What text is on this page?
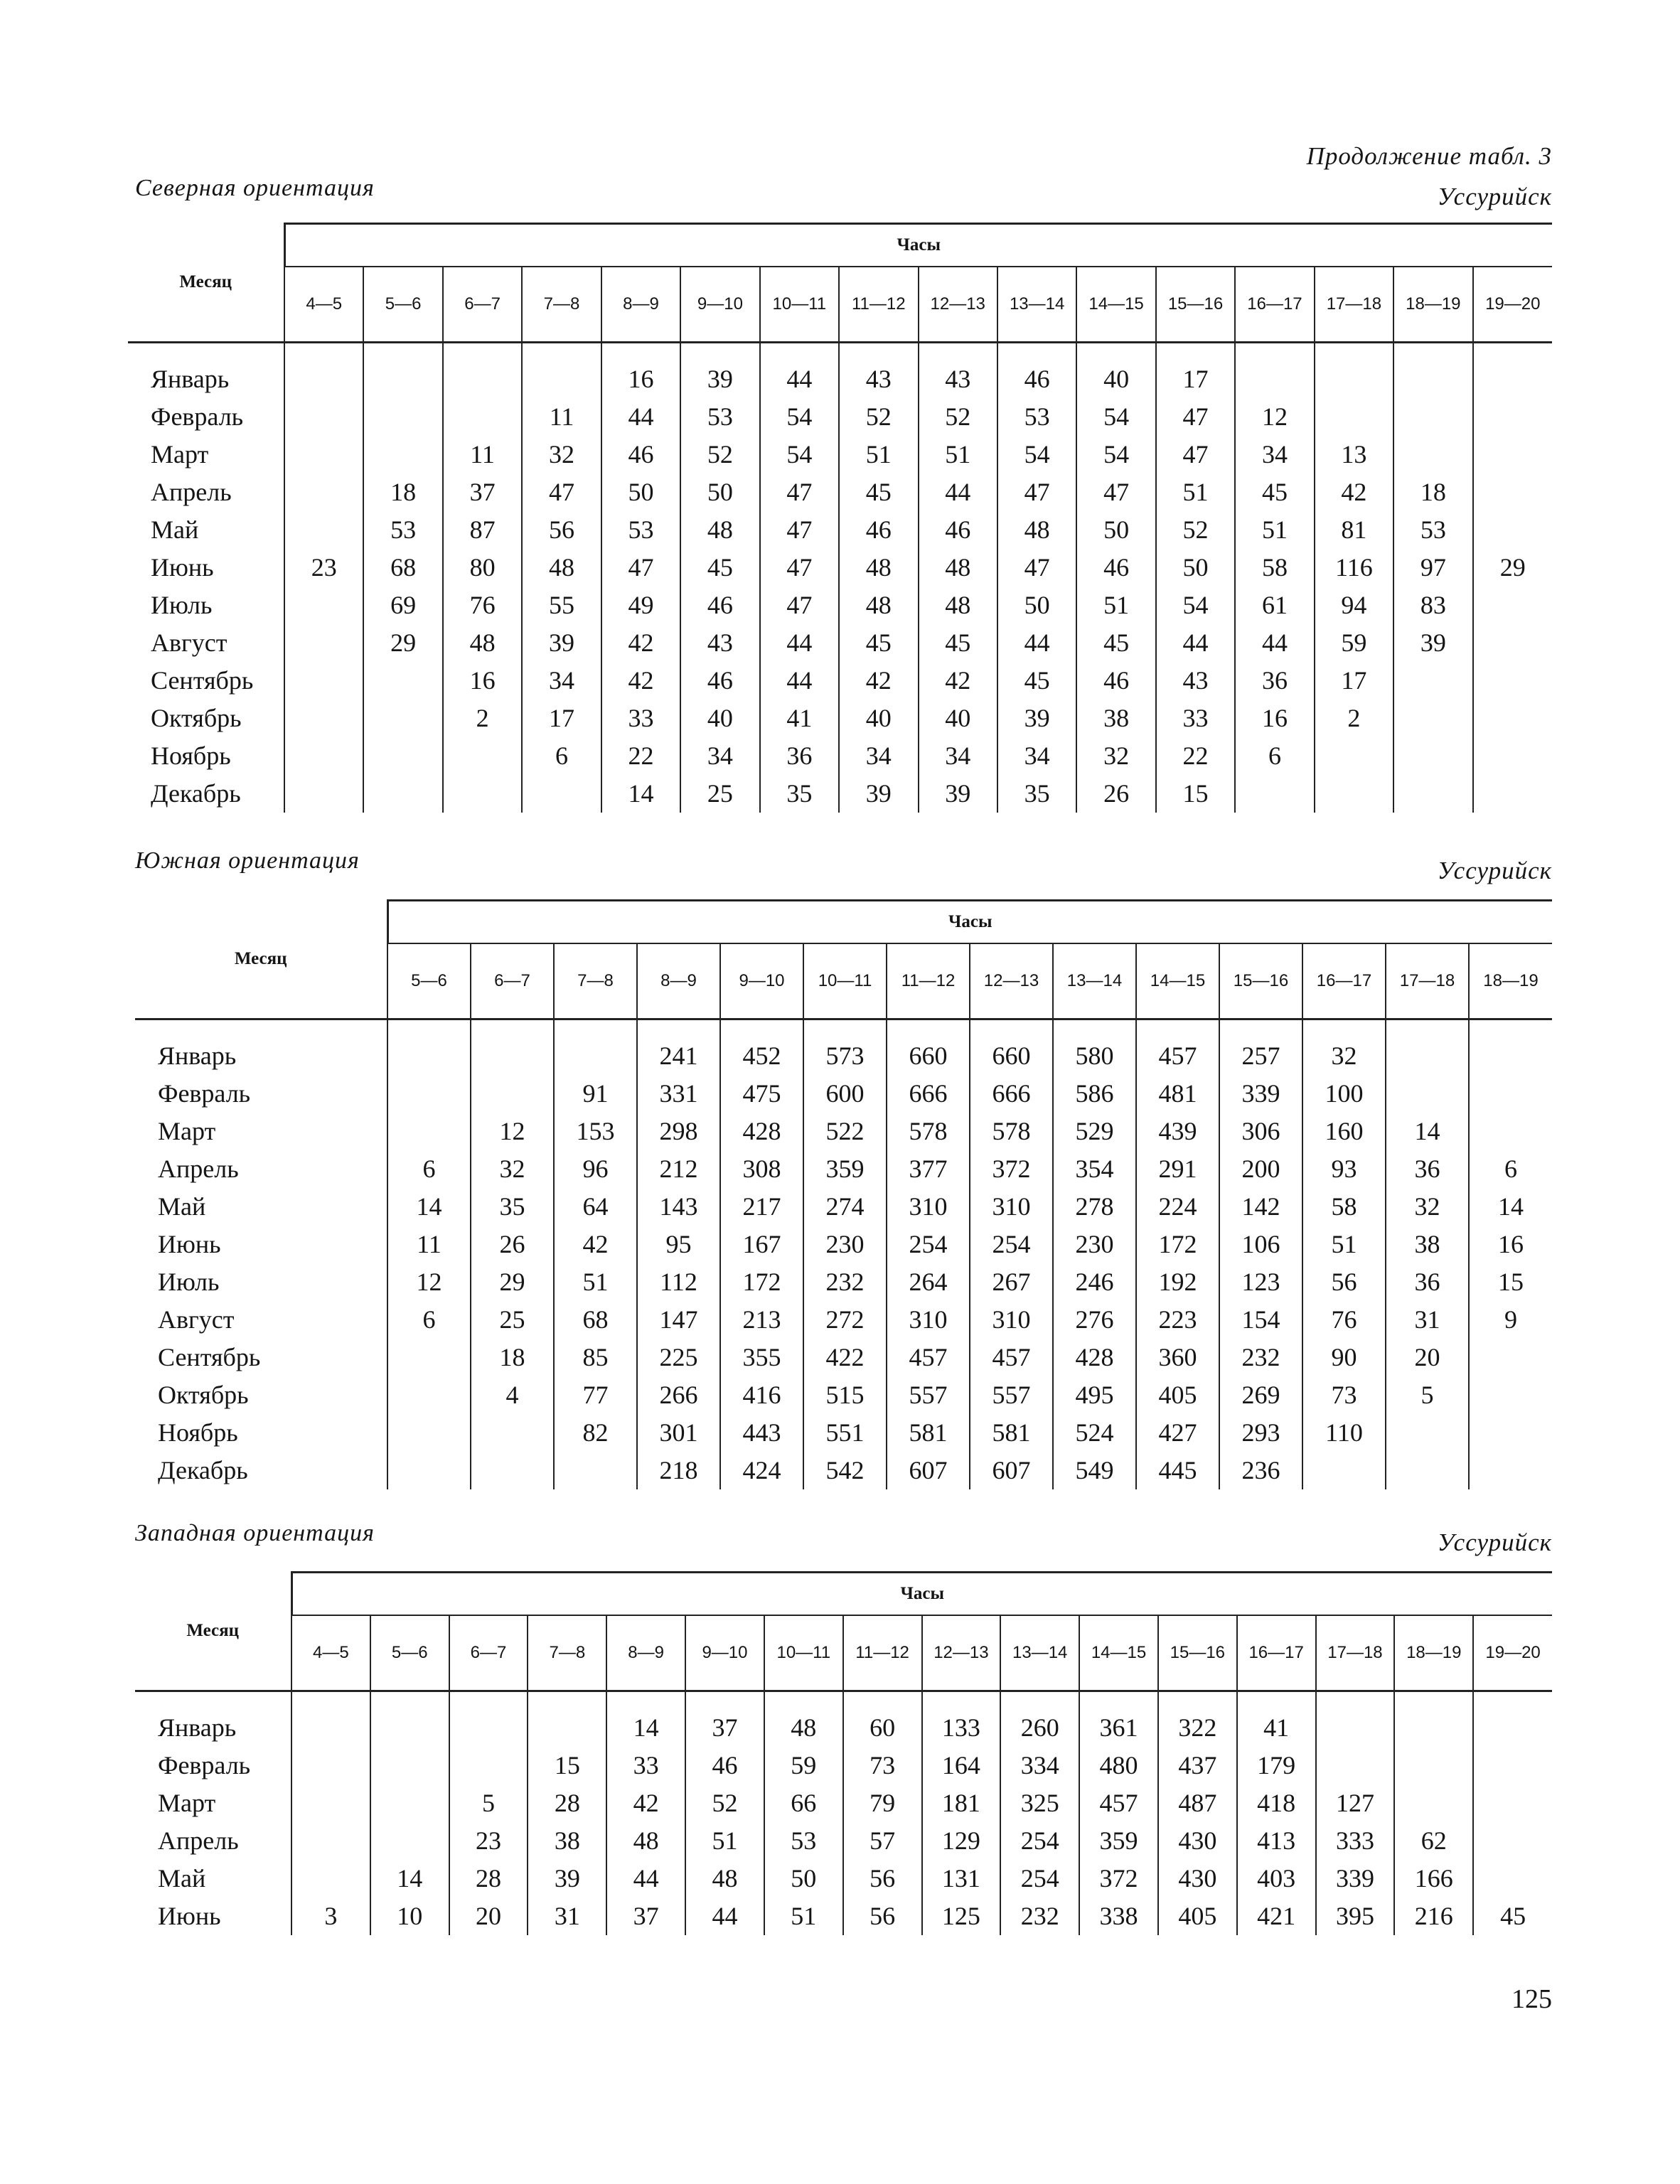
Продолжение табл. 3
Северная ориентация	Уссурийск
Месяц	Часы															
	4—5	5—6	6—7	7—8	8—9	9—10	10—11	11—12	12—13	13—14	14—15	15—16	16—17	17—18	18—19	19—20

Январь					16	39	44	43	43	46	40	17				
Февраль				11	44	53	54	52	52	53	54	47	12			
Март			11	32	46	52	54	51	51	54	54	47	34	13		
Апрель		18	37	47	50	50	47	45	44	47	47	51	45	42	18	
Май		53	87	56	53	48	47	46	46	48	50	52	51	81	53	
Июнь	23	68	80	48	47	45	47	48	48	47	46	50	58	116	97	29
Июль		69	76	55	49	46	47	48	48	50	51	54	61	94	83	
Август		29	48	39	42	43	44	45	45	44	45	44	44	59	39	
Сентябрь			16	34	42	46	44	42	42	45	46	43	36	17		
Октябрь			2	17	33	40	41	40	40	39	38	33	16	2		
Ноябрь				6	22	34	36	34	34	34	32	22	6			
Декабрь					14	25	35	39	39	35	26	15				
Южная ориентация	Уссурийск
Месяц	Часы													
	5—6	6—7	7—8	8—9	9—10	10—11	11—12	12—13	13—14	14—15	15—16	16—17	17—18	18—19

Январь				241	452	573	660	660	580	457	257	32		
Февраль			91	331	475	600	666	666	586	481	339	100		
Март		12	153	298	428	522	578	578	529	439	306	160	14	
Апрель	6	32	96	212	308	359	377	372	354	291	200	93	36	6
Май	14	35	64	143	217	274	310	310	278	224	142	58	32	14
Июнь	11	26	42	95	167	230	254	254	230	172	106	51	38	16
Июль	12	29	51	112	172	232	264	267	246	192	123	56	36	15
Август	6	25	68	147	213	272	310	310	276	223	154	76	31	9
Сентябрь		18	85	225	355	422	457	457	428	360	232	90	20	
Октябрь		4	77	266	416	515	557	557	495	405	269	73	5	
Ноябрь			82	301	443	551	581	581	524	427	293	110		
Декабрь				218	424	542	607	607	549	445	236			
Западная ориентация	Уссурийск
Месяц	Часы															
	4—5	5—6	6—7	7—8	8—9	9—10	10—11	11—12	12—13	13—14	14—15	15—16	16—17	17—18	18—19	19—20

Январь					14	37	48	60	133	260	361	322	41			
Февраль				15	33	46	59	73	164	334	480	437	179			
Март			5	28	42	52	66	79	181	325	457	487	418	127		
Апрель			23	38	48	51	53	57	129	254	359	430	413	333	62	
Май		14	28	39	44	48	50	56	131	254	372	430	403	339	166	
Июнь	3	10	20	31	37	44	51	56	125	232	338	405	421	395	216	45
125
